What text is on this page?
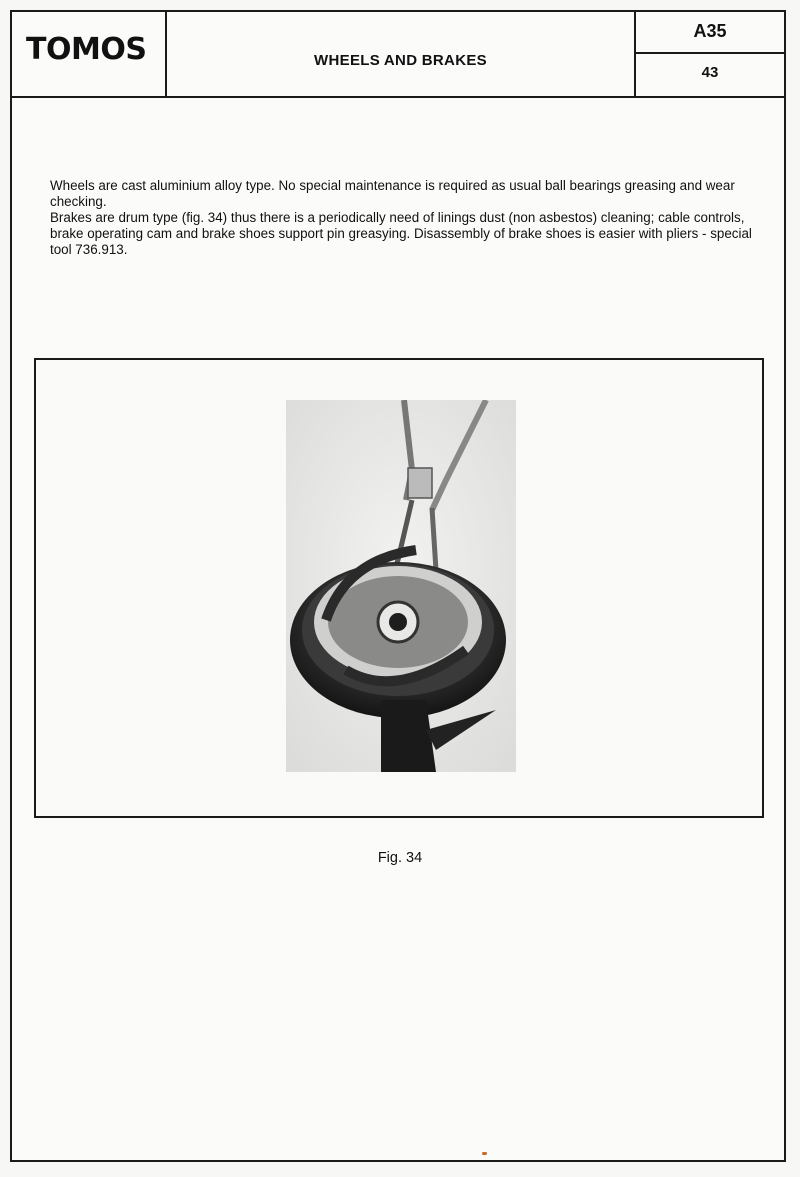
TOMOS	WHEELS AND BRAKES
A35
43

Wheels are cast aluminium alloy type. No special maintenance is required as usual ball bearings greasing and wear checking.

Brakes are drum type (fig. 34) thus there is a periodically need of linings dust (non asbestos) cleaning; cable controls, brake operating cam and brake shoes support pin greasying. Disassembly of brake shoes is easier with pliers - special tool 736.913.

Fig. 34
